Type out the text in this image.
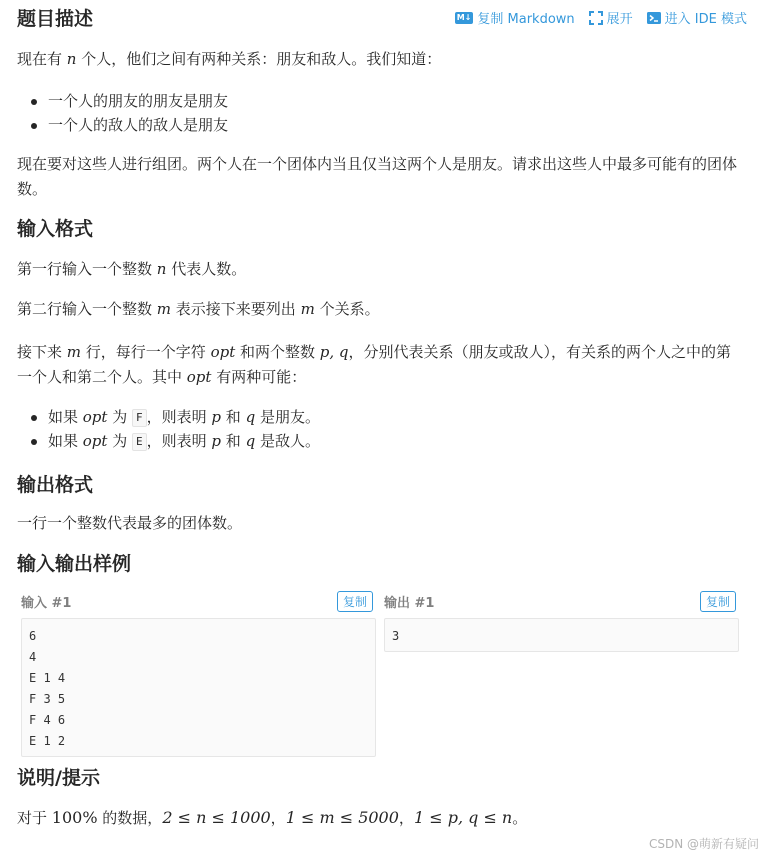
题目描述	M↓ 复制 Markdown 展开 进入 IDE 模式

现在有 n 个人，他们之间有两种关系：朋友和敌人。我们知道：

一个人的朋友的朋友是朋友
一个人的敌人的敌人是朋友

现在要对这些人进行组团。两个人在一个团体内当且仅当这两个人是朋友。请求出这些人中最多可能有的团体数。

输入格式

第一行输入一个整数 n 代表人数。

第二行输入一个整数 m 表示接下来要列出 m 个关系。

接下来 m 行，每行一个字符 opt 和两个整数 p, q，分别代表关系（朋友或敌人），有关系的两个人之中的第一个人和第二个人。其中 opt 有两种可能：

如果 opt 为 F ，则表明 p 和 q 是朋友。
如果 opt 为 E ，则表明 p 和 q 是敌人。
输出格式

一行一个整数代表最多的团体数。

输入输出样例
输入 #1	复制
6
4
E 1 4
F 3 5
F 4 6
E 1 2
输出 #1	复制
3
说明/提示

对于 100% 的数据，2 ≤ n ≤ 1000，1 ≤ m ≤ 5000，1 ≤ p, q ≤ n。

CSDN @萌新有疑问
